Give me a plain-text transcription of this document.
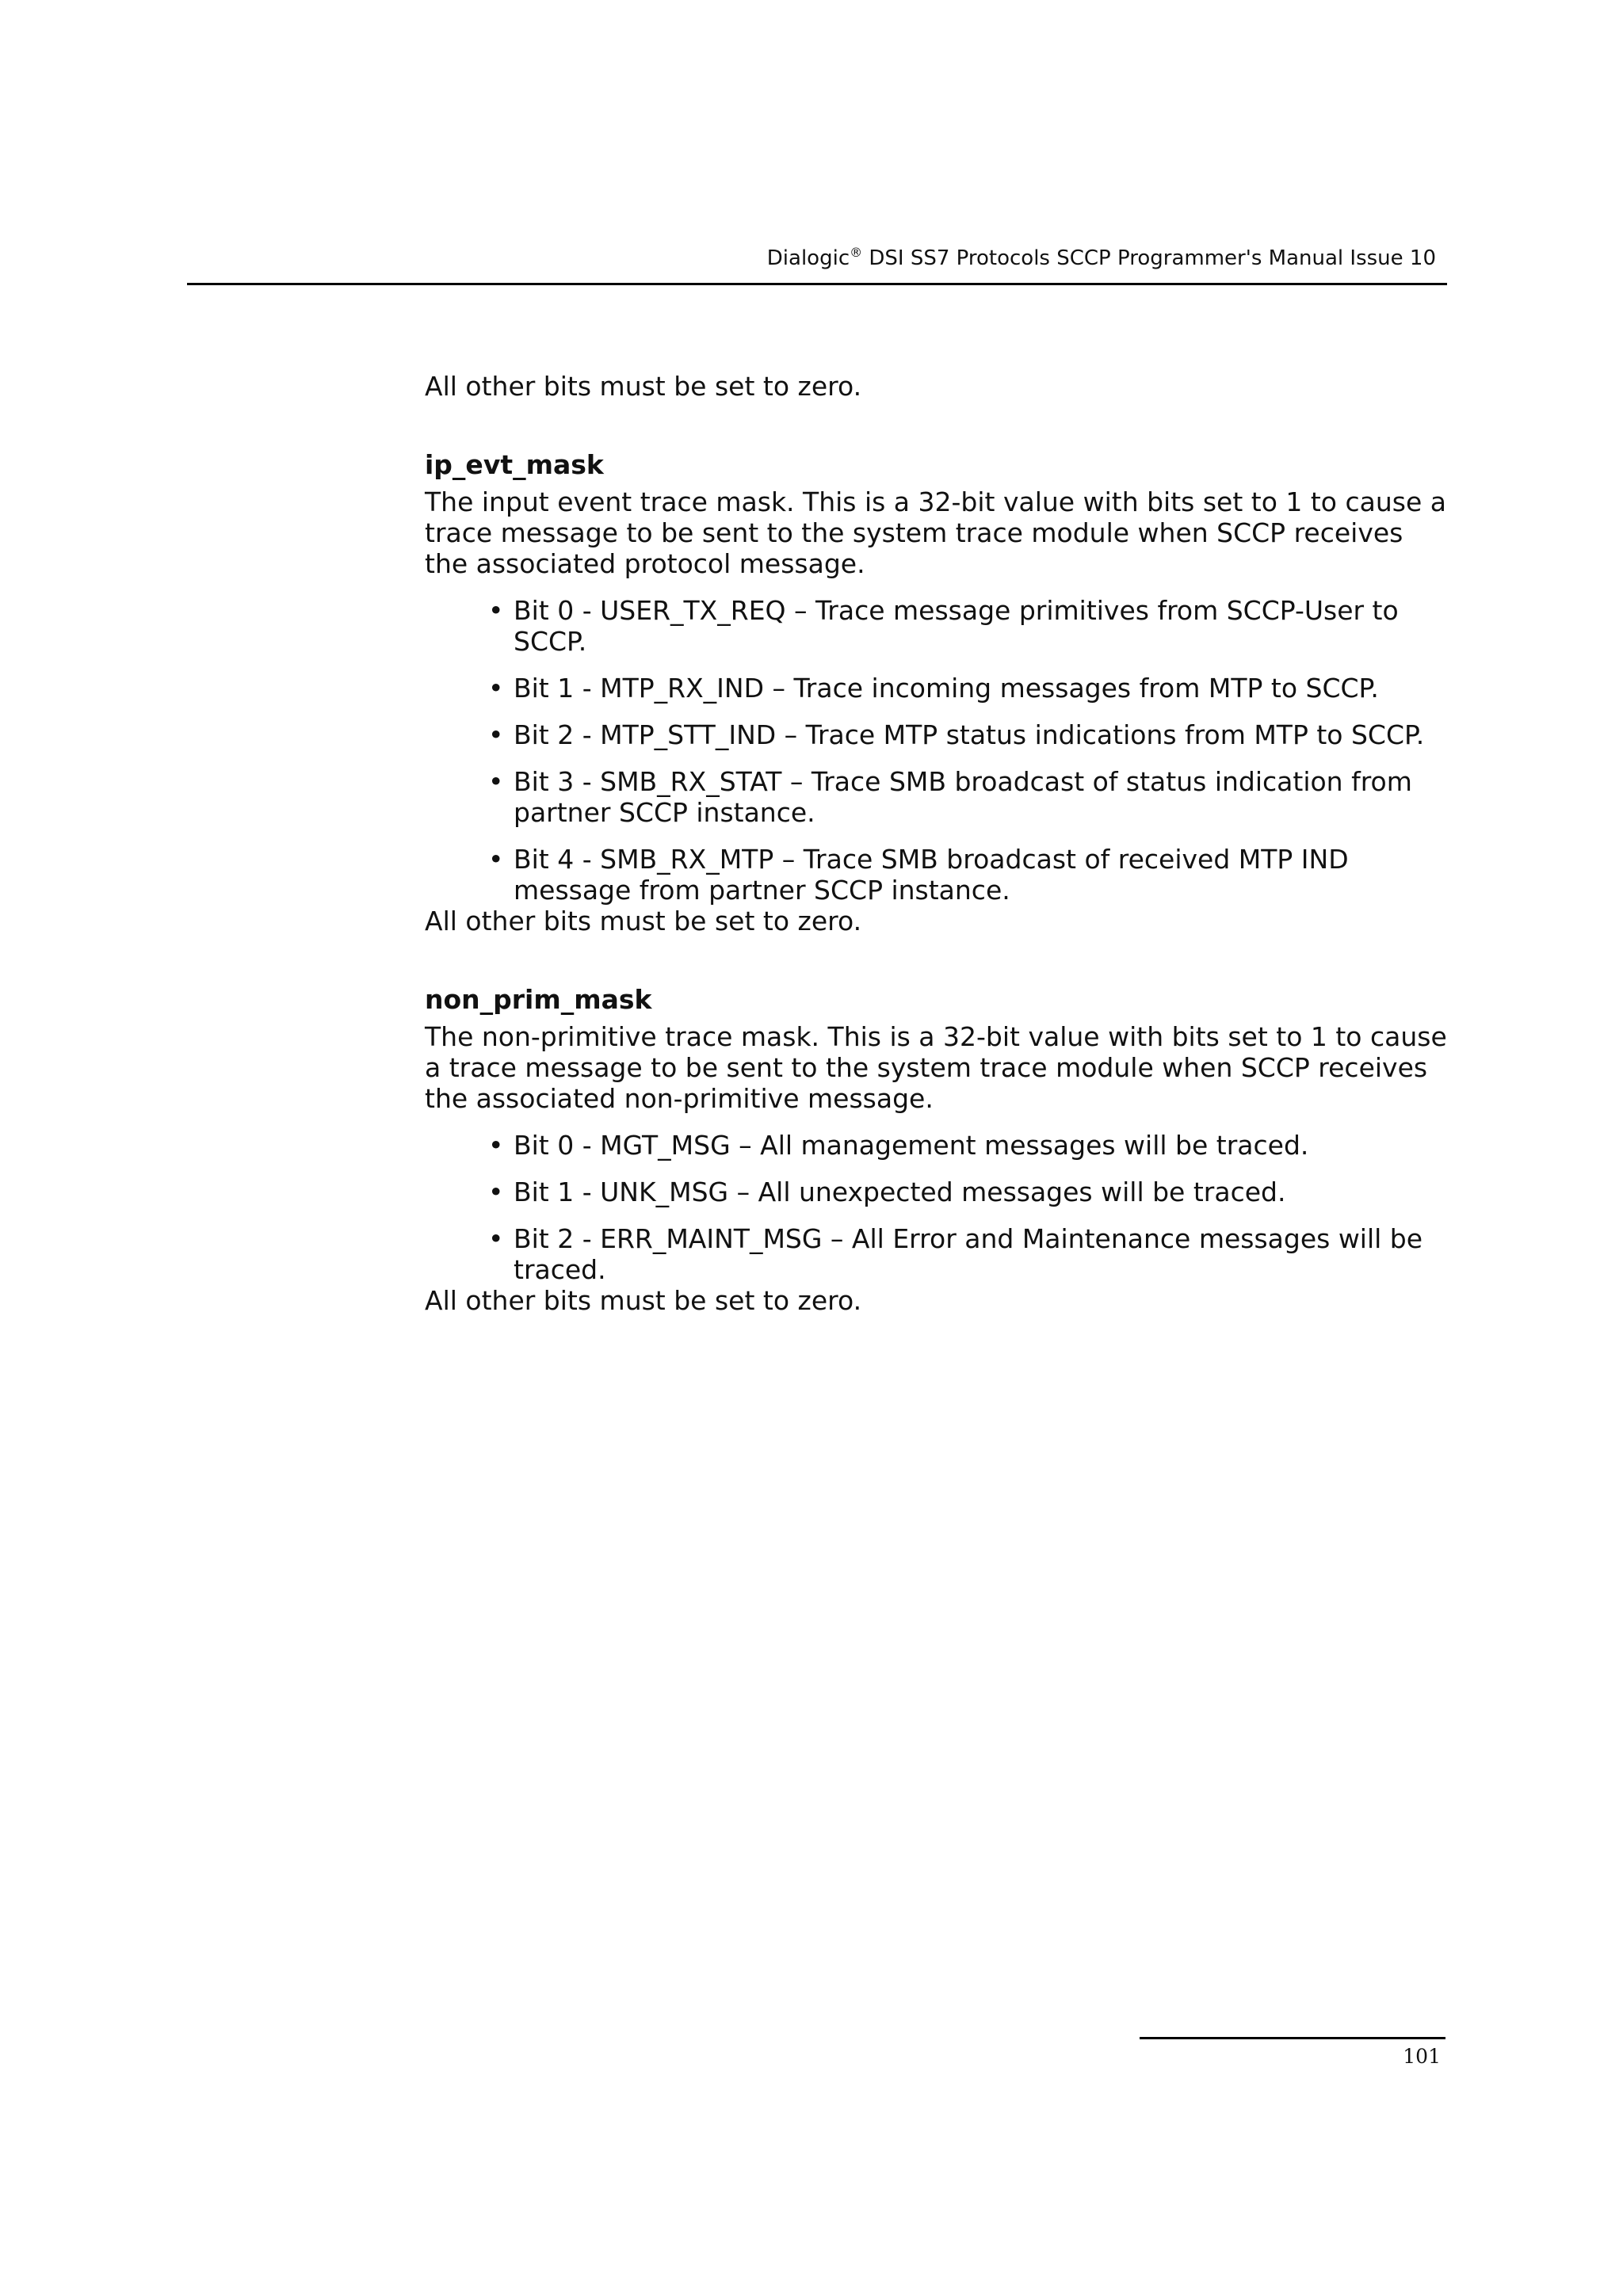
Dialogic® DSI SS7 Protocols SCCP Programmer's Manual Issue 10

All other bits must be set to zero.

ip_evt_mask

The input event trace mask. This is a 32-bit value with bits set to 1 to cause a trace message to be sent to the system trace module when SCCP receives the associated protocol message.

• Bit 0 - USER_TX_REQ – Trace message primitives from SCCP-User to SCCP.
• Bit 1 - MTP_RX_IND – Trace incoming messages from MTP to SCCP.
• Bit 2 - MTP_STT_IND – Trace MTP status indications from MTP to SCCP.
• Bit 3 - SMB_RX_STAT – Trace SMB broadcast of status indication from partner SCCP instance.
• Bit 4 - SMB_RX_MTP – Trace SMB broadcast of received MTP IND message from partner SCCP instance.

All other bits must be set to zero.

non_prim_mask

The non-primitive trace mask. This is a 32-bit value with bits set to 1 to cause a trace message to be sent to the system trace module when SCCP receives the associated non-primitive message.

• Bit 0 - MGT_MSG – All management messages will be traced.
• Bit 1 - UNK_MSG – All unexpected messages will be traced.
• Bit 2 - ERR_MAINT_MSG – All Error and Maintenance messages will be traced.

All other bits must be set to zero.

101
